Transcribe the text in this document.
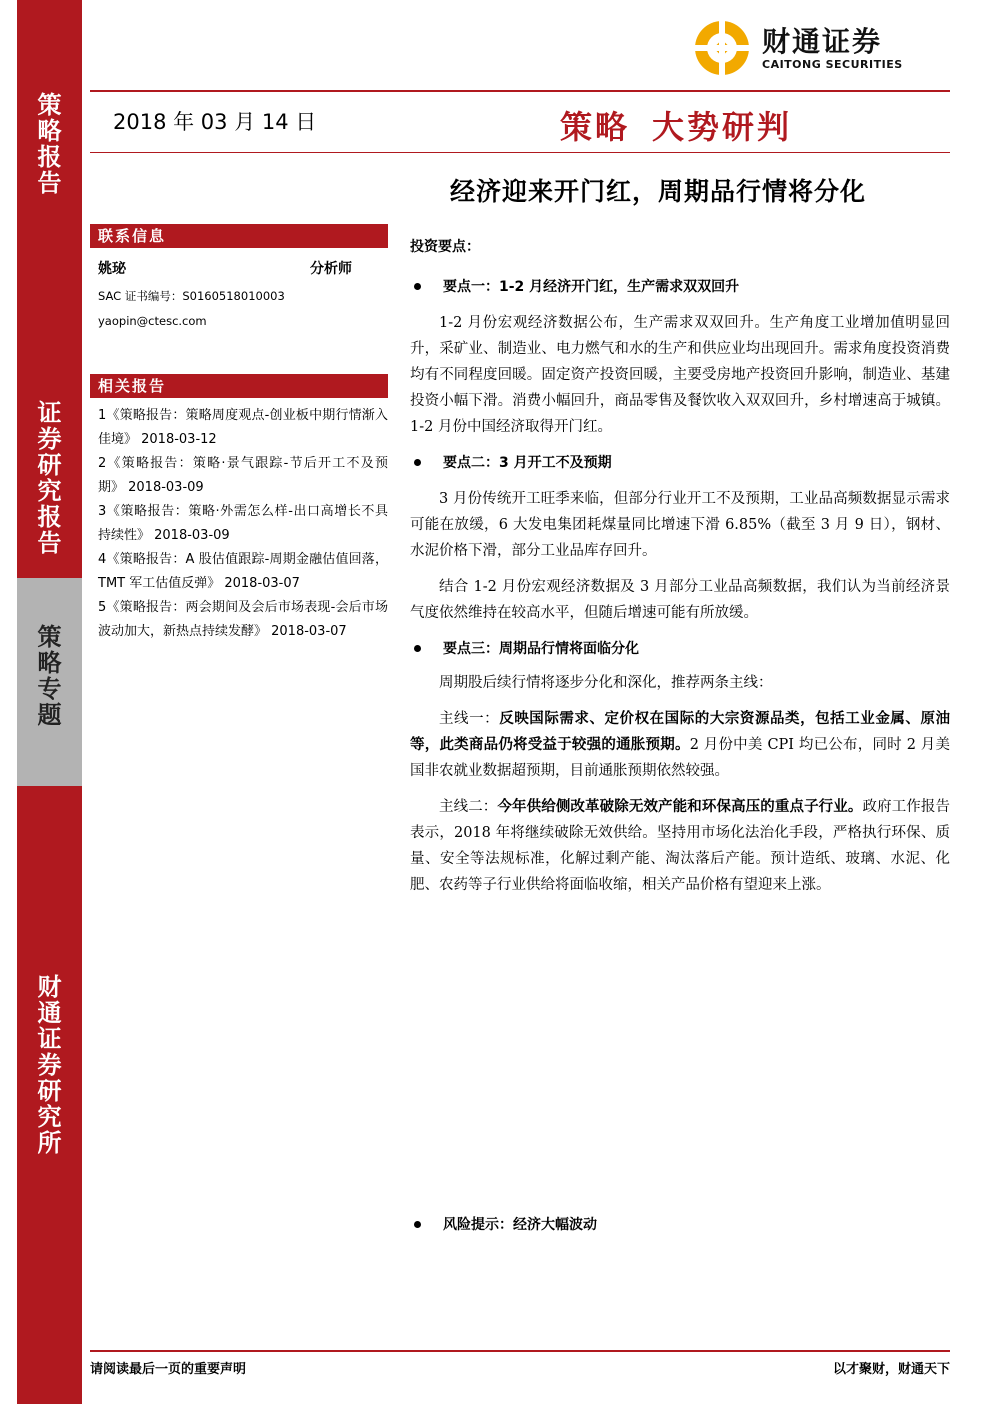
策
略
报
告
证
券
研
究
报
告
策
略
专
题
财
通
证
券
研
究
所
财通证券
CAITONG SECURITIES
2018 年 03 月 14 日	策略 大势研判
经济迎来开门红，周期品行情将分化
联系信息
姚珌	分析师
SAC 证书编号：S0160518010003
yaopin@ctesc.com
相关报告
1《策略报告：策略周度观点-创业板中期行情渐入佳境》 2018-03-12
2《策略报告：策略·景气跟踪-节后开工不及预期》 2018-03-09
3《策略报告：策略·外需怎么样-出口高增长不具持续性》 2018-03-09
4《策略报告：A 股估值跟踪-周期金融估值回落，TMT 军工估值反弹》 2018-03-07
5《策略报告：两会期间及会后市场表现-会后市场波动加大，新热点持续发酵》 2018-03-07
投资要点：
要点一：1-2 月经济开门红，生产需求双双回升

1-2 月份宏观经济数据公布，生产需求双双回升。生产角度工业增加值明显回升，采矿业、制造业、电力燃气和水的生产和供应业均出现回升。需求角度投资消费均有不同程度回暖。固定资产投资回暖，主要受房地产投资回升影响，制造业、基建投资小幅下滑。消费小幅回升，商品零售及餐饮收入双双回升，乡村增速高于城镇。1-2 月份中国经济取得开门红。

要点二：3 月开工不及预期

3 月份传统开工旺季来临，但部分行业开工不及预期，工业品高频数据显示需求可能在放缓，6 大发电集团耗煤量同比增速下滑 6.85%（截至 3 月 9 日），钢材、水泥价格下滑，部分工业品库存回升。

结合 1-2 月份宏观经济数据及 3 月部分工业品高频数据，我们认为当前经济景气度依然维持在较高水平，但随后增速可能有所放缓。

要点三：周期品行情将面临分化

周期股后续行情将逐步分化和深化，推荐两条主线：

主线一：反映国际需求、定价权在国际的大宗资源品类，包括工业金属、原油等，此类商品仍将受益于较强的通胀预期。2 月份中美 CPI 均已公布，同时 2 月美国非农就业数据超预期，目前通胀预期依然较强。

主线二：今年供给侧改革破除无效产能和环保高压的重点子行业。政府工作报告表示，2018 年将继续破除无效供给。坚持用市场化法治化手段，严格执行环保、质量、安全等法规标准，化解过剩产能、淘汰落后产能。预计造纸、玻璃、水泥、化肥、农药等子行业供给将面临收缩，相关产品价格有望迎来上涨。

风险提示：经济大幅波动
请阅读最后一页的重要声明	以才聚财，财通天下
